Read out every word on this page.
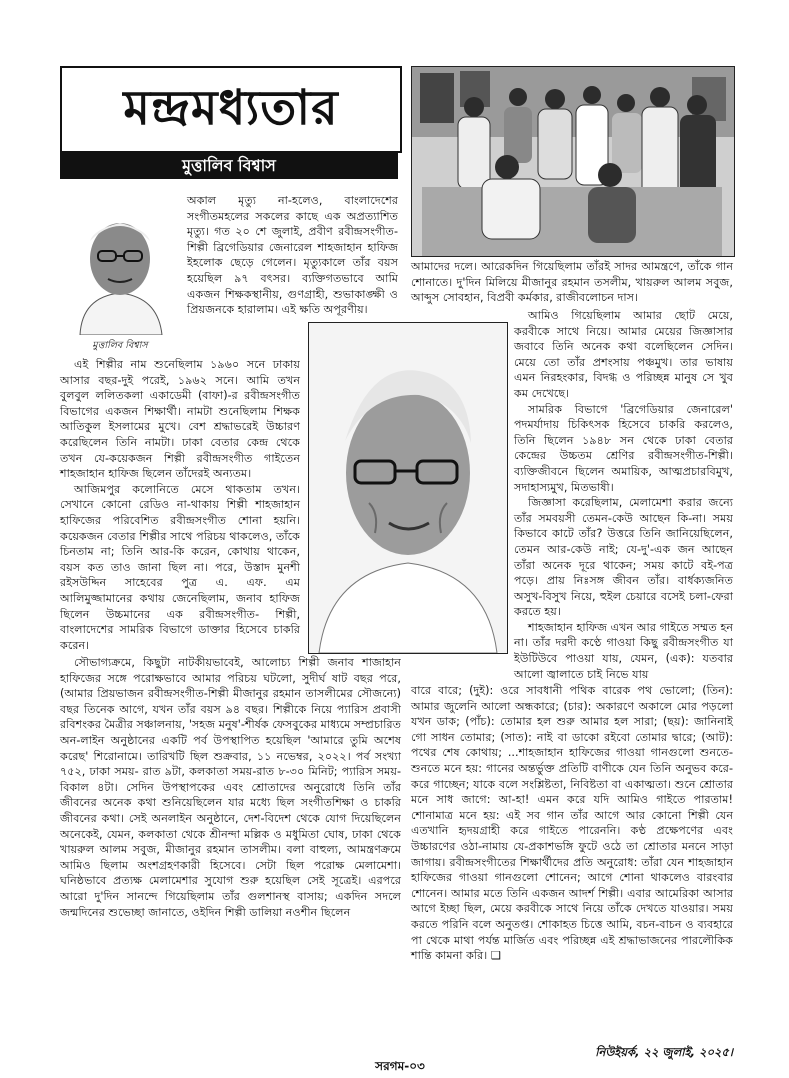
মন্দ্রমধ্যতার
মুত্তালিব বিশ্বাস
মুত্তালিব বিশ্বাস

অকাল মৃত্যু না-হলেও, বাংলাদেশের সংগীতমহলের সকলের কাছে এক অপ্রত্যাশিত মৃত্যু। গত ২০ শে জুলাই, প্রবীণ রবীন্দ্রসংগীত-শিল্পী ব্রিগেডিয়ার জেনারেল শাহজাহান হাফিজ ইহলোক ছেড়ে গেলেন। মৃত্যুকালে তাঁর বয়স হয়েছিল ৯৭ বৎসর। ব্যক্তিগতভাবে আমি একজন শিক্ষকস্থানীয়, গুণগ্রাহী, শুভাকাঙ্ক্ষী ও প্রিয়জনকে হারালাম। এই ক্ষতি অপূরণীয়।

এই শিল্পীর নাম শুনেছিলাম ১৯৬০ সনে ঢাকায় আসার বছর-দুই পরেই, ১৯৬২ সনে। আমি তখন বুলবুল ললিতকলা একাডেমী (বাফা)-র রবীন্দ্রসংগীত বিভাগের একজন শিক্ষার্থী। নামটা শুনেছিলাম শিক্ষক আতিকুল ইসলামের মুখে। বেশ শ্রদ্ধাভরেই উচ্চারণ করেছিলেন তিনি নামটা। ঢাকা বেতার কেন্দ্র থেকে তখন যে-কয়েকজন শিল্পী রবীন্দ্রসংগীত গাইতেন শাহজাহান হাফিজ ছিলেন তাঁদেরই অন্যতম।

আজিমপুর কলোনিতে মেসে থাকতাম তখন। সেখানে কোনো রেডিও না-থাকায় শিল্পী শাহজাহান হাফিজের পরিবেশিত রবীন্দ্রসংগীত শোনা হয়নি। কয়েকজন বেতার শিল্পীর সাথে পরিচয় থাকলেও, তাঁকে চিনতাম না; তিনি আর-কি করেন, কোথায় থাকেন, বয়স কত তাও জানা ছিল না। পরে, উস্তাদ মুনশী রইসউদ্দিন সাহেবের পুত্র এ. এফ. এম আলিমুজ্জামানের কথায় জেনেছিলাম, জনাব হাফিজ ছিলেন উচ্চমানের এক রবীন্দ্রসংগীত- শিল্পী, বাংলাদেশের সামরিক বিভাগে ডাক্তার হিসেবে চাকরি করেন।

আমাদের দলে। আরেকদিন গিয়েছিলাম তাঁরই সাদর আমন্ত্রণে, তাঁকে গান শোনাতে। দু'দিন মিলিয়ে মীজানুর রহমান তসলীম, খায়রুল আলম সবুজ, আব্দুস সোবহান, বিপ্রবী কর্মকার, রাজীবলোচন দাস।

আমিও গিয়েছিলাম আমার ছোট মেয়ে, করবীকে সাথে নিয়ে। আমার মেয়ের জিজ্ঞাসার জবাবে তিনি অনেক কথা বলেছিলেন সেদিন। মেয়ে তো তাঁর প্রশংসায় পঞ্চমুখ। তার ভাষায় এমন নিরহংকার, বিদগ্ধ ও পরিচ্ছন্ন মানুষ সে খুব কম দেখেছে।

সামরিক বিভাগে 'ব্রিগেডিয়ার জেনারেল' পদমর্যাদায় চিকিৎসক হিসেবে চাকরি করলেও, তিনি ছিলেন ১৯৪৮ সন থেকে ঢাকা বেতার কেন্দ্রের উচ্চতম শ্রেণির রবীন্দ্রসংগীত-শিল্পী। ব্যক্তিজীবনে ছিলেন অমায়িক, আত্মপ্রচারবিমুখ, সদাহাস্যমুখ, মিতভাষী।

জিজ্ঞাসা করেছিলাম, মেলামেশা করার জন্যে তাঁর সমবয়সী তেমন-কেউ আছেন কি-না। সময় কিভাবে কাটে তাঁর? উত্তরে তিনি জানিয়েছিলেন, তেমন আর-কেউ নাই; যে-দু'-এক জন আছেন তাঁরা অনেক দূরে থাকেন; সময় কাটে বই-পত্র পড়ে। প্রায় নিঃসঙ্গ জীবন তাঁর। বার্ধক্যজনিত অসুখ-বিসুখ নিয়ে, হুইল চেয়ারে বসেই চলা-ফেরা করতে হয়।

শাহজাহান হাফিজ এখন আর গাইতে সম্মত হন না। তাঁর দরদী কণ্ঠে গাওয়া কিছু রবীন্দ্রসংগীত যা ইউটিউবে পাওয়া যায়, যেমন, (এক): যতবার আলো জ্বালাতে চাই নিভে যায়

সৌভাগ্যক্রমে, কিছুটা নাটকীয়ভাবেই, আলোচ্য শিল্পী জনাব শাজাহান হাফিজের সঙ্গে পরোক্ষভাবে আমার পরিচয় ঘটলো, সুদীর্ঘ ষাট বছর পরে, (আমার প্রিয়ভাজন রবীন্দ্রসংগীত-শিল্পী মীজানুর রহমান তাসলীমের সৌজন্যে) বছর তিনেক আগে, যখন তাঁর বয়স ৯৪ বছর। শিল্পীকে নিয়ে প্যারিস প্রবাসী রবিশংকর মৈত্রীর সঞ্চালনায়, 'সহজ মনুষ'-শীর্ষক ফেসবুকের মাধ্যমে সম্প্রচারিত অন-লাইন অনুষ্ঠানের একটি পর্ব উপস্থাপিত হয়েছিল 'আমারে তুমি অশেষ করেছ' শিরোনামে। তারিখটি ছিল শুক্রবার, ১১ নভেম্বর, ২০২২। পর্ব সংখ্যা ৭৫২, ঢাকা সময়- রাত ৯টা, কলকাতা সময়-রাত ৮-৩০ মিনিট; প্যারিস সময়- বিকাল ৪টা। সেদিন উপস্থাপকের এবং শ্রোতাদের অনুরোধে তিনি তাঁর জীবনের অনেক কথা শুনিয়েছিলেন যার মধ্যে ছিল সংগীতশিক্ষা ও চাকরি জীবনের কথা। সেই অনলাইন অনুষ্ঠানে, দেশ-বিদেশ থেকে যোগ দিয়েছিলেন অনেকেই, যেমন, কলকাতা থেকে শ্রীনন্দা মল্লিক ও মধুমিতা ঘোষ, ঢাকা থেকে খায়রুল আলম সবুজ, মীজানুর রহমান তাসলীম। বলা বাহুল্য, আমন্ত্রণক্রমে আমিও ছিলাম অংশগ্রহণকারী হিসেবে। সেটা ছিল পরোক্ষ মেলামেশা। ঘনিষ্ঠভাবে প্রত্যক্ষ মেলামেশার সুযোগ শুরু হয়েছিল সেই সূত্রেই। এরপরে আরো দু'দিন সানন্দে গিয়েছিলাম তাঁর গুলশানস্থ বাসায়; একদিন সদলে জন্মদিনের শুভেচ্ছা জানাতে, ওইদিন শিল্পী ডালিয়া নওশীন ছিলেন

বারে বারে; (দুই): ওরে সাবধানী পথিক বারেক পথ ভোলো; (তিন): আমার জুলেনি আলো অন্ধকারে; (চার): অকারণে অকালে মোর পড়লো যখন ডাক; (পাঁচ): তোমার হল শুরু আমার হল সারা; (ছয়): জানিনাই গো সাধন তোমার; (সাত): নাই বা ডাকো রইবো তোমার দ্বারে; (আট): পথের শেষ কোথায়; ...শাহজাহান হাফিজের গাওয়া গানগুলো শুনতে-শুনতে মনে হয়: গানের অন্তর্ভুক্ত প্রতিটি বাণীকে যেন তিনি অনুভব করে-করে গাচ্ছেন; যাকে বলে সংশ্লিষ্টতা, নিবিষ্টতা বা একাত্মতা। শুনে শ্রোতার মনে সাধ জাগে: আ-হা! এমন করে যদি আমিও গাইতে পারতাম! শোনামাত্র মনে হয়: এই সব গান তাঁর আগে আর কোনো শিল্পী যেন এতখানি হৃদয়গ্রাহী করে গাইতে পারেননি। কণ্ঠ প্রক্ষেপণের এবং উচ্চারণের ওঠা-নামায় যে-প্রকাশভঙ্গি ফুটে ওঠে তা শ্রোতার মননে সাড়া জাগায়। রবীন্দ্রসংগীতের শিক্ষার্থীদের প্রতি অনুরোধ: তাঁরা যেন শাহজাহান হাফিজের গাওয়া গানগুলো শোনেন; আগে শোনা থাকলেও বারংবার শোনেন। আমার মতে তিনি একজন আদর্শ শিল্পী। এবার আমেরিকা আসার আগে ইচ্ছা ছিল, মেয়ে করবীকে সাথে নিয়ে তাঁকে দেখতে যাওয়ার। সময় করতে পরিনি বলে অনুতপ্ত। শোকাহত চিত্তে আমি, বচন-বাচন ও ব্যবহারে পা থেকে মাথা পর্যন্ত মার্জিত এবং পরিচ্ছন্ন এই শ্রদ্ধাভাজনের পারলৌকিক শান্তি কামনা করি। ❑

নিউইয়র্ক, ২২ জুলাই, ২০২৫।
সরগম-০৩
